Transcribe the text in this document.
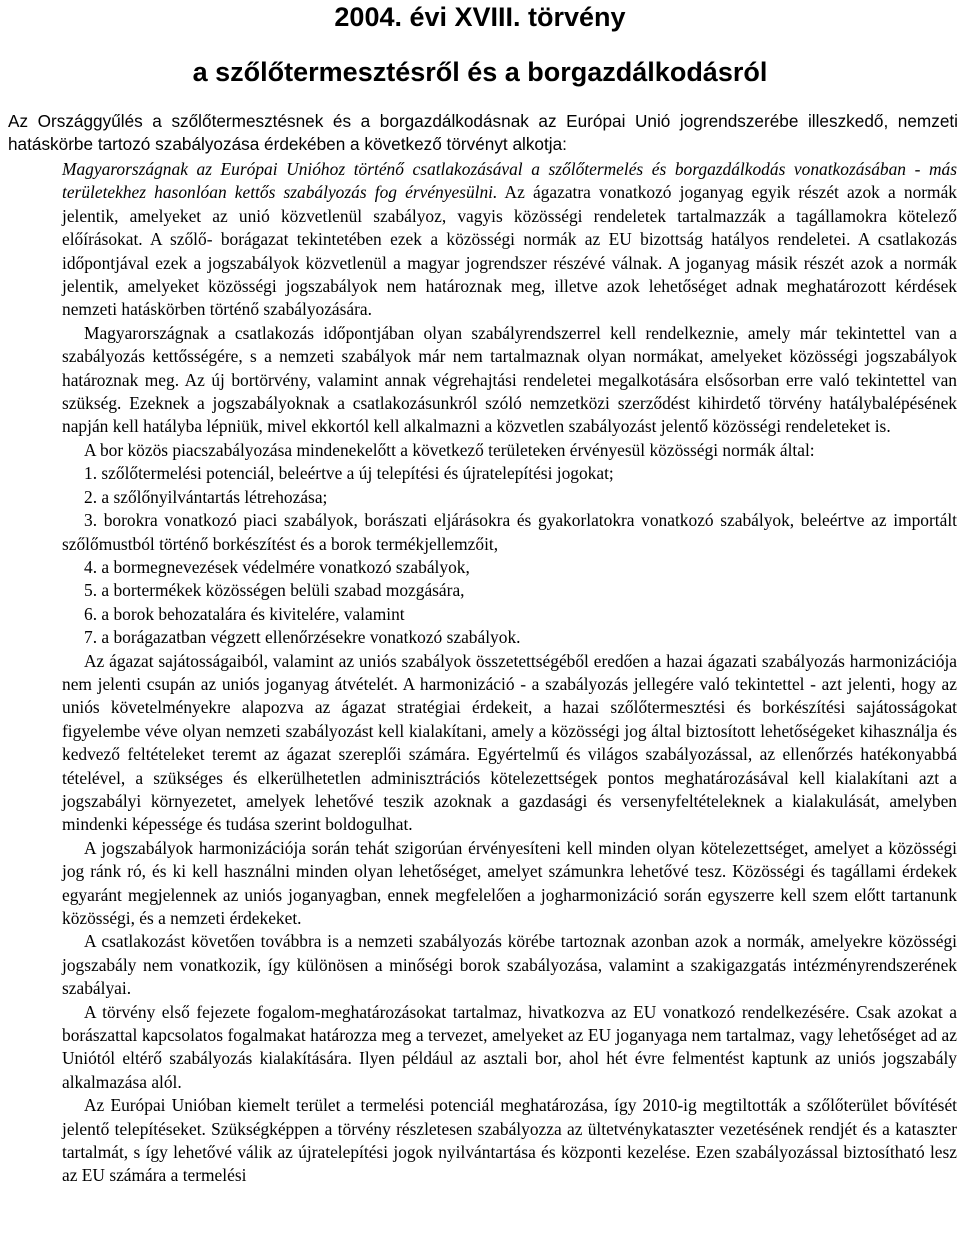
2004. évi XVIII. törvény
a szőlőtermesztésről és a borgazdálkodásról

Az Országgyűlés a szőlőtermesztésnek és a borgazdálkodásnak az Európai Unió jogrendszerébe illeszkedő, nemzeti hatáskörbe tartozó szabályozása érdekében a következő törvényt alkotja:

Magyarországnak az Európai Unióhoz történő csatlakozásával a szőlőtermelés és borgazdálkodás vonatkozásában - más területekhez hasonlóan kettős szabályozás fog érvényesülni. Az ágazatra vonatkozó joganyag egyik részét azok a normák jelentik, amelyeket az unió közvetlenül szabályoz, vagyis közösségi rendeletek tartalmazzák a tagállamokra kötelező előírásokat. A szőlő- borágazat tekintetében ezek a közösségi normák az EU bizottság hatályos rendeletei. A csatlakozás időpontjával ezek a jogszabályok közvetlenül a magyar jogrendszer részévé válnak. A joganyag másik részét azok a normák jelentik, amelyeket közösségi jogszabályok nem határoznak meg, illetve azok lehetőséget adnak meghatározott kérdések nemzeti hatáskörben történő szabályozására.

Magyarországnak a csatlakozás időpontjában olyan szabályrendszerrel kell rendelkeznie, amely már tekintettel van a szabályozás kettősségére, s a nemzeti szabályok már nem tartalmaznak olyan normákat, amelyeket közösségi jogszabályok határoznak meg. Az új bortörvény, valamint annak végrehajtási rendeletei megalkotására elsősorban erre való tekintettel van szükség. Ezeknek a jogszabályoknak a csatlakozásunkról szóló nemzetközi szerződést kihirdető törvény hatálybalépésének napján kell hatályba lépniük, mivel ekkortól kell alkalmazni a közvetlen szabályozást jelentő közösségi rendeleteket is.

A bor közös piacszabályozása mindenekelőtt a következő területeken érvényesül közösségi normák által:

1. szőlőtermelési potenciál, beleértve a új telepítési és újratelepítési jogokat;

2. a szőlőnyilvántartás létrehozása;

3. borokra vonatkozó piaci szabályok, borászati eljárásokra és gyakorlatokra vonatkozó szabályok, beleértve az importált szőlőmustból történő borkészítést és a borok termékjellemzőit,

4. a bormegnevezések védelmére vonatkozó szabályok,

5. a bortermékek közösségen belüli szabad mozgására,

6. a borok behozatalára és kivitelére, valamint

7. a borágazatban végzett ellenőrzésekre vonatkozó szabályok.

Az ágazat sajátosságaiból, valamint az uniós szabályok összetettségéből eredően a hazai ágazati szabályozás harmonizációja nem jelenti csupán az uniós joganyag átvételét. A harmonizáció - a szabályozás jellegére való tekintettel - azt jelenti, hogy az uniós követelményekre alapozva az ágazat stratégiai érdekeit, a hazai szőlőtermesztési és borkészítési sajátosságokat figyelembe véve olyan nemzeti szabályozást kell kialakítani, amely a közösségi jog által biztosított lehetőségeket kihasználja és kedvező feltételeket teremt az ágazat szereplői számára. Egyértelmű és világos szabályozással, az ellenőrzés hatékonyabbá tételével, a szükséges és elkerülhetetlen adminisztrációs kötelezettségek pontos meghatározásával kell kialakítani azt a jogszabályi környezetet, amelyek lehetővé teszik azoknak a gazdasági és versenyfeltételeknek a kialakulását, amelyben mindenki képessége és tudása szerint boldogulhat.

A jogszabályok harmonizációja során tehát szigorúan érvényesíteni kell minden olyan kötelezettséget, amelyet a közösségi jog ránk ró, és ki kell használni minden olyan lehetőséget, amelyet számunkra lehetővé tesz. Közösségi és tagállami érdekek egyaránt megjelennek az uniós joganyagban, ennek megfelelően a jogharmonizáció során egyszerre kell szem előtt tartanunk közösségi, és a nemzeti érdekeket.

A csatlakozást követően továbbra is a nemzeti szabályozás körébe tartoznak azonban azok a normák, amelyekre közösségi jogszabály nem vonatkozik, így különösen a minőségi borok szabályozása, valamint a szakigazgatás intézményrendszerének szabályai.

A törvény első fejezete fogalom-meghatározásokat tartalmaz, hivatkozva az EU vonatkozó rendelkezésére. Csak azokat a borászattal kapcsolatos fogalmakat határozza meg a tervezet, amelyeket az EU joganyaga nem tartalmaz, vagy lehetőséget ad az Uniótól eltérő szabályozás kialakítására. Ilyen például az asztali bor, ahol hét évre felmentést kaptunk az uniós jogszabály alkalmazása alól.

Az Európai Unióban kiemelt terület a termelési potenciál meghatározása, így 2010-ig megtiltották a szőlőterület bővítését jelentő telepítéseket. Szükségképpen a törvény részletesen szabályozza az ültetvénykataszter vezetésének rendjét és a kataszter tartalmát, s így lehetővé válik az újratelepítési jogok nyilvántartása és központi kezelése. Ezen szabályozással biztosítható lesz az EU számára a termelési
